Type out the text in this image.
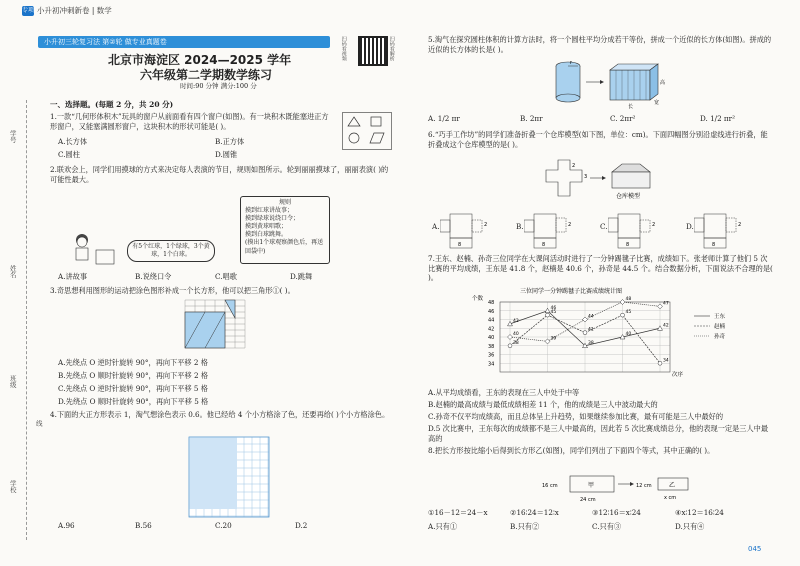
专项 小升初冲刺新卷 | 数学
小升初三轮复习法 第②轮 做专业真题卷
北京市海淀区 2024—2025 学年
六年级第二学期数学练习
时间:90 分钟 满分:100 分
扫码看视频	扫码看解析
学号
姓名
班级
学校
线
一、选择题。(每题 2 分，共 20 分)
1.一款“几何形体积木”玩具的窗户从前面看有四个窗户(如图)。有一块积木既能塞进正方形窗户，又能塞满圆形窗户，这块积木的形状可能是( )。
A.长方体	B.正方体
C.圆柱	D.圆锥
2.联欢会上，同学们用摸球的方式来决定每人表演的节目，规则如图所示。轮到丽丽摸球了，丽丽表演( )的可能性最大。
有5个红球，1个绿球，3个黄球，1个白球。
规则
摸到红球讲故事；
摸到绿球说绕口令；
摸到黄球唱歌；
摸到白球跳舞。
(摸出1个球观察颜色后，再送回袋中)
A.讲故事	B.说绕口令	C.唱歌	D.跳舞
3.奇思想利用图形的运动把涂色图形补成一个长方形，他可以把三角形①( )。
A.先绕点 O 逆时针旋转 90°，再向下平移 2 格
B.先绕点 O 顺时针旋转 90°，再向下平移 2 格
C.先绕点 O 逆时针旋转 90°，再向下平移 5 格
D.先绕点 O 顺时针旋转 90°，再向下平移 5 格
4.下面的大正方形表示 1，淘气想涂色表示 0.6。他已经给 4 个小方格涂了色，还要再给( )个小方格涂色。
A.96	B.56	C.20	D.2
5.淘气在探究圆柱体积的计算方法时，将一个圆柱平均分成若干等份，拼成一个近似的长方体(如图)。拼成的近似的长方体的长是( )。
r
高
长
宽
A. 1/2 πr	B. 2πr	C. 2πr²	D. 1/2 πr²
6.“巧手工作坊”的同学们准备折叠一个仓库模型(如下图，单位：cm)。下面四幅图分别沿虚线进行折叠，能折叠成这个仓库模型的是( )。
2
3
仓库模型
A.	2
8
B.	2
8
C.	2
8
D.	2
8
7.王东、赵楠、孙奇三位同学在大课间活动时进行了一分钟踢毽子比赛，成绩如下。张老师计算了他们 5 次比赛的平均成绩，王东是 41.8 个，赵楠是 40.6 个，孙奇是 44.5 个。结合数据分析，下面说法不合理的是( )。
三位同学一分钟踢毽子比赛成绩统计图
个数
次序
34
36
38
40
42
44
46
48
43
46
38
40
42
王东
38
45
41
45
34
赵楠
40
39
44
48
47
孙奇
A.从平均成绩看，王东的表现在三人中处于中等
B.赵楠的最高成绩与最低成绩相差 11 个，他的成绩是三人中波动最大的
C.孙奇不仅平均成绩高，而且总体呈上升趋势，如果继续参加比赛，最有可能是三人中最好的
D.5 次比赛中，王东每次的成绩都不是三人中最高的，因此若 5 次比赛成绩总分，他的表现一定是三人中最高的
8.把长方形按比缩小后得到长方形乙(如图)，同学们列出了下面四个等式，其中正确的( )。
甲
16 cm
24 cm
乙
12 cm
x cm
①16－12＝24－x	②16∶24＝12∶x	③12∶16＝x∶24	④x∶12＝16∶24
A.只有①	B.只有②	C.只有③	D.只有④
045
